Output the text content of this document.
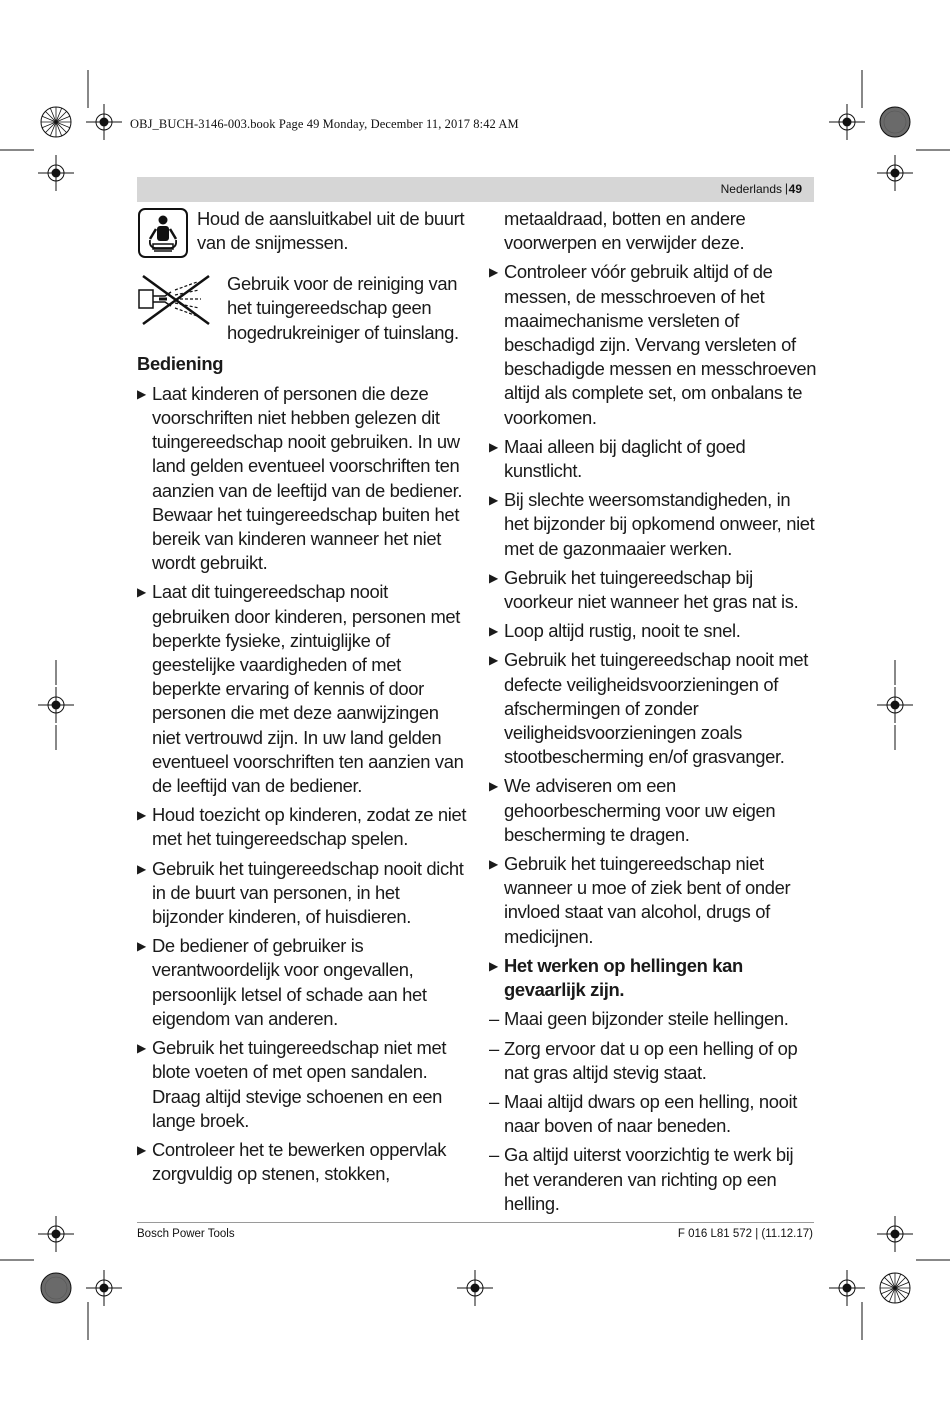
OBJ_BUCH-3146-003.book Page 49 Monday, December 11, 2017 8:42 AM
Nederlands | 49
Houd de aansluitkabel uit de buurt van de snijmessen.
Gebruik voor de reiniging van het tuingereedschap geen hogedrukreiniger of tuinslang.
Bediening
▶ Laat kinderen of personen die deze voorschriften niet hebben gelezen dit tuingereedschap nooit gebruiken. In uw land gelden eventueel voorschriften ten aanzien van de leeftijd van de bediener. Bewaar het tuingereedschap buiten het bereik van kinderen wanneer het niet wordt gebruikt.
▶ Laat dit tuingereedschap nooit gebruiken door kinderen, personen met beperkte fysieke, zintuiglijke of geestelijke vaardigheden of met beperkte ervaring of kennis of door personen die met deze aanwijzingen niet vertrouwd zijn. In uw land gelden eventueel voorschriften ten aanzien van de leeftijd van de bediener.
▶ Houd toezicht op kinderen, zodat ze niet met het tuingereedschap spelen.
▶ Gebruik het tuingereedschap nooit dicht in de buurt van personen, in het bijzonder kinderen, of huisdieren.
▶ De bediener of gebruiker is verantwoordelijk voor ongevallen, persoonlijk letsel of schade aan het eigendom van anderen.
▶ Gebruik het tuingereedschap niet met blote voeten of met open sandalen. Draag altijd stevige schoenen en een lange broek.
▶ Controleer het te bewerken oppervlak zorgvuldig op stenen, stokken,
metaaldraad, botten en andere voorwerpen en verwijder deze.
▶ Controleer vóór gebruik altijd of de messen, de messchroeven of het maaimechanisme versleten of beschadigd zijn. Vervang versleten of beschadigde messen en messchroeven altijd als complete set, om onbalans te voorkomen.
▶ Maai alleen bij daglicht of goed kunstlicht.
▶ Bij slechte weersomstandigheden, in het bijzonder bij opkomend onweer, niet met de gazonmaaier werken.
▶ Gebruik het tuingereedschap bij voorkeur niet wanneer het gras nat is.
▶ Loop altijd rustig, nooit te snel.
▶ Gebruik het tuingereedschap nooit met defecte veiligheidsvoorzieningen of afschermingen of zonder veiligheidsvoorzieningen zoals stootbescherming en/of grasvanger.
▶ We adviseren om een gehoorbescherming voor uw eigen bescherming te dragen.
▶ Gebruik het tuingereedschap niet wanneer u moe of ziek bent of onder invloed staat van alcohol, drugs of medicijnen.
▶ Het werken op hellingen kan gevaarlijk zijn.
– Maai geen bijzonder steile hellingen.
– Zorg ervoor dat u op een helling of op nat gras altijd stevig staat.
– Maai altijd dwars op een helling, nooit naar boven of naar beneden.
– Ga altijd uiterst voorzichtig te werk bij het veranderen van richting op een helling.
Bosch Power Tools	F 016 L81 572 | (11.12.17)
